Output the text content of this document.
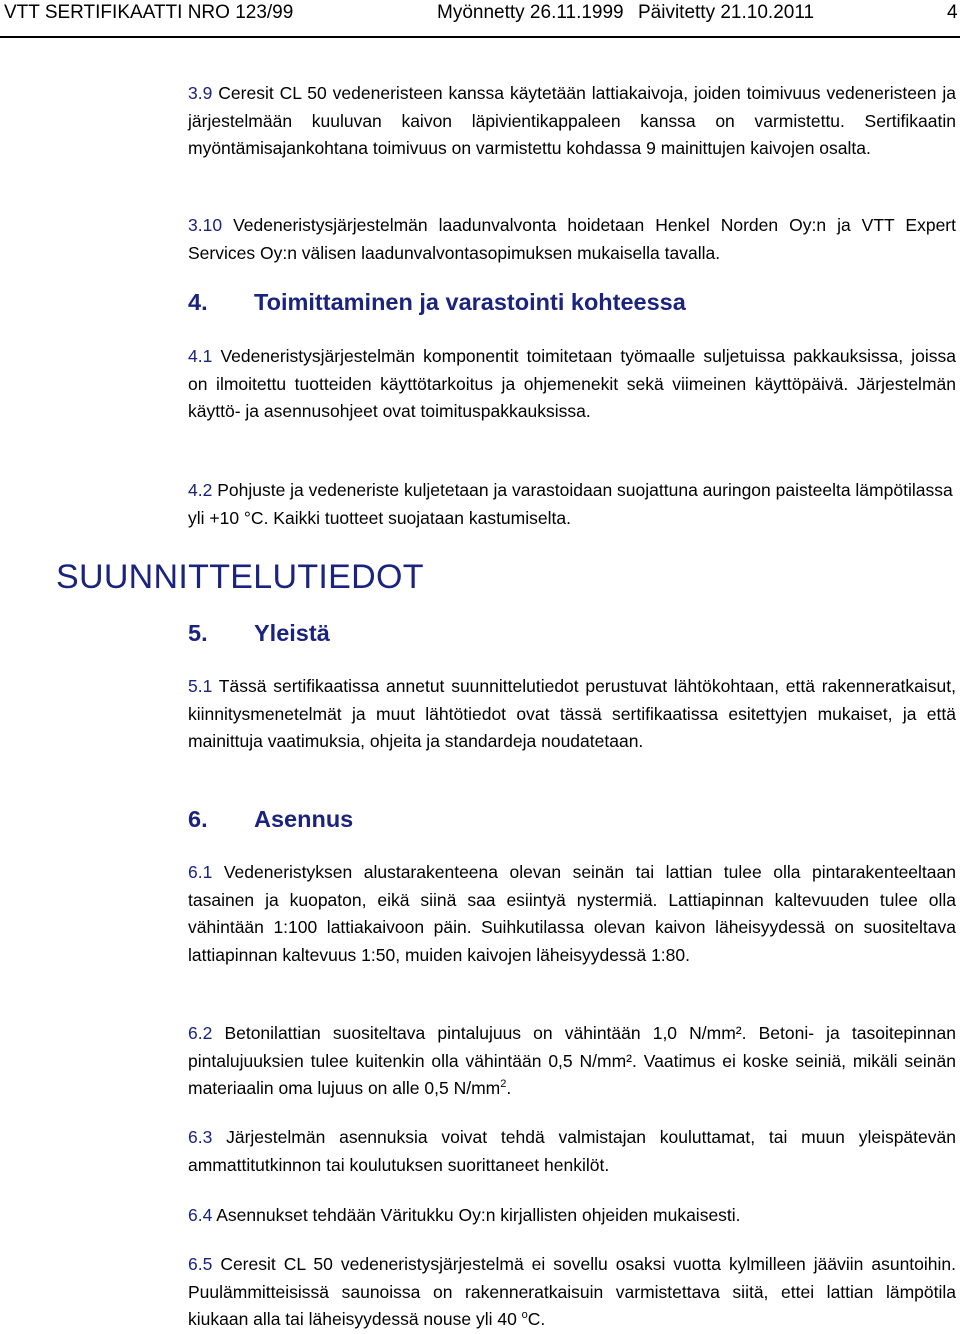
VTT SERTIFIKAATTI NRO 123/99	Myönnetty 26.11.1999 Päivitetty 21.10.2011	4
3.9 Ceresit CL 50 vedeneristeen kanssa käytetään lattiakaivoja, joiden toimivuus vedeneristeen ja järjestelmään kuuluvan kaivon läpivientikappaleen kanssa on varmistettu. Sertifikaatin myöntämisajankohtana toimivuus on varmistettu kohdassa 9 mainittujen kaivojen osalta.
3.10 Vedeneristysjärjestelmän laadunvalvonta hoidetaan Henkel Norden Oy:n ja VTT Expert Services Oy:n välisen laadunvalvontasopimuksen mukaisella tavalla.
4. Toimittaminen ja varastointi kohteessa
4.1 Vedeneristysjärjestelmän komponentit toimitetaan työmaalle suljetuissa pakkauksissa, joissa on ilmoitettu tuotteiden käyttötarkoitus ja ohjemenekit sekä viimeinen käyttöpäivä. Järjestelmän käyttö- ja asennusohjeet ovat toimituspakkauksissa.
4.2 Pohjuste ja vedeneriste kuljetetaan ja varastoidaan suojattuna auringon paisteelta lämpötilassa yli +10 °C. Kaikki tuotteet suojataan kastumiselta.
SUUNNITTELUTIEDOT
5. Yleistä
5.1 Tässä sertifikaatissa annetut suunnittelutiedot perustuvat lähtökohtaan, että rakenneratkaisut, kiinnitysmenetelmät ja muut lähtötiedot ovat tässä sertifikaatissa esitettyjen mukaiset, ja että mainittuja vaatimuksia, ohjeita ja standardeja noudatetaan.
6. Asennus
6.1 Vedeneristyksen alustarakenteena olevan seinän tai lattian tulee olla pintarakenteeltaan tasainen ja kuopaton, eikä siinä saa esiintyä nystermiä. Lattiapinnan kaltevuuden tulee olla vähintään 1:100 lattiakaivoon päin. Suihkutilassa olevan kaivon läheisyydessä on suositeltava lattiapinnan kaltevuus 1:50, muiden kaivojen läheisyydessä 1:80.
6.2 Betonilattian suositeltava pintalujuus on vähintään 1,0 N/mm². Betoni- ja tasoitepinnan pintalujuuksien tulee kuitenkin olla vähintään 0,5 N/mm². Vaatimus ei koske seiniä, mikäli seinän materiaalin oma lujuus on alle 0,5 $N/mm^2$.
6.3 Järjestelmän asennuksia voivat tehdä valmistajan kouluttamat, tai muun yleispätevän ammattitutkinnon tai koulutuksen suorittaneet henkilöt.
6.4 Asennukset tehdään Väritukku Oy:n kirjallisten ohjeiden mukaisesti.
6.5 Ceresit CL 50 vedeneristysjärjestelmä ei sovellu osaksi vuotta kylmilleen jääviin asuntoihin. Puulämmitteisissä saunoissa on rakenneratkaisuin varmistettava siitä, ettei lattian lämpötila kiukaan alla tai läheisyydessä nouse yli 40 $^o$C.
